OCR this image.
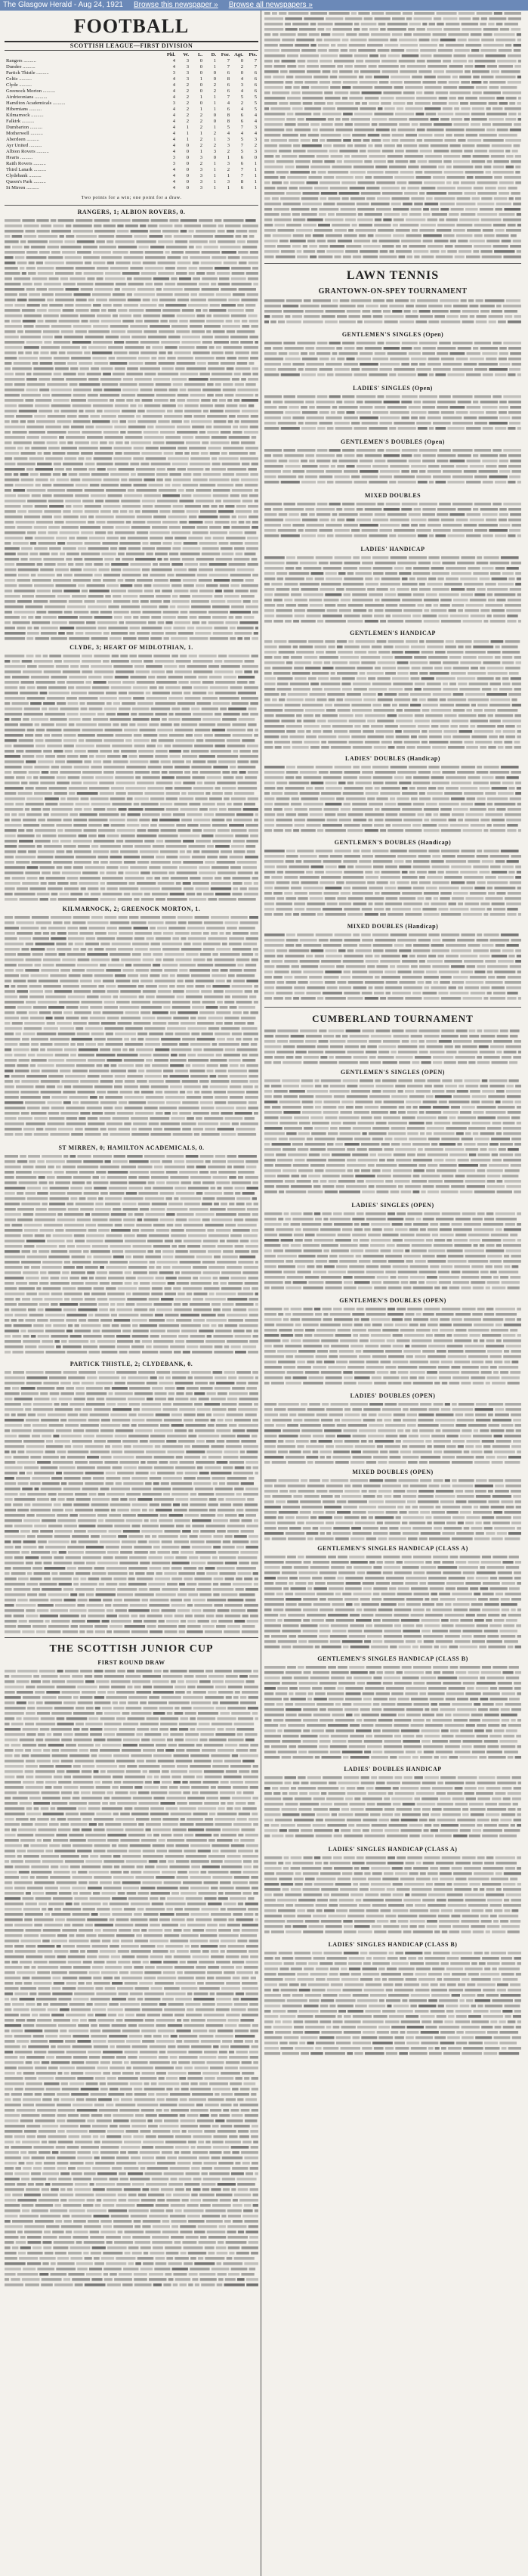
The Glasgow Herald - Aug 24, 1921 Browse this newspaper » Browse all newspapers »
FOOTBALL
SCOTTISH LEAGUE—FIRST DIVISION
	Pld.	W.	L.	D.	For.	Agt.	Pts.
Rangers ..........	4	3	0	1	7	0	7
Dundee ..........	4	3	0	1	7	2	7
Partick Thistle ..........	3	3	0	0	6	0	6
Celtic ..........	4	3	1	0	8	4	6
Clyde ..........	4	2	0	2	6	3	6
Greenock Morton ..........	4	2	0	2	6	4	6
Airdrieonians ..........	4	2	1	1	7	5	5
Hamilton Academicals ..........	3	2	0	1	4	2	5
Hibernians ..........	4	2	1	1	6	4	5
Kilmarnock ..........	4	2	2	0	8	6	4
Falkirk ..........	4	2	2	0	8	6	4
Dumbarton ..........	4	1	2	1	5	7	3
Motherwell ..........	4	1	1	2	4	4	4
Aberdeen ..........	4	1	2	1	3	5	3
Ayr United ..........	4	0	2	2	3	7	2
Albion Rovers ..........	4	0	1	3	2	5	3
Hearts ..........	3	0	3	0	1	6	0
Raith Rovers ..........	3	0	2	1	3	6	1
Third Lanark ..........	4	0	3	1	2	7	1
Clydebank ..........	4	0	3	1	1	7	1
Queen's Park ..........	4	0	3	1	3	8	1
St Mirren ..........	4	0	3	1	1	6	1
Two points for a win; one point for a draw.
RANGERS, 1; ALBION ROVERS, 0.
CLYDE, 3; HEART OF MIDLOTHIAN, 1.
KILMARNOCK, 2; GREENOCK MORTON, 1.
ST MIRREN, 0; HAMILTON ACADEMICALS, 0.
PARTICK THISTLE, 2; CLYDEBANK, 0.
THE SCOTTISH JUNIOR CUP
FIRST ROUND DRAW
LAWN TENNIS
GRANTOWN-ON-SPEY TOURNAMENT
GENTLEMEN'S SINGLES (Open)
LADIES' SINGLES (Open)
GENTLEMEN'S DOUBLES (Open)
MIXED DOUBLES
LADIES' HANDICAP
GENTLEMEN'S HANDICAP
LADIES' DOUBLES (Handicap)
GENTLEMEN'S DOUBLES (Handicap)
MIXED DOUBLES (Handicap)
CUMBERLAND TOURNAMENT
GENTLEMEN'S SINGLES (OPEN)
LADIES' SINGLES (OPEN)
GENTLEMEN'S DOUBLES (OPEN)
LADIES' DOUBLES (OPEN)
MIXED DOUBLES (OPEN)
GENTLEMEN'S SINGLES HANDICAP (CLASS A)
GENTLEMEN'S SINGLES HANDICAP (CLASS B)
LADIES' DOUBLES HANDICAP
LADIES' SINGLES HANDICAP (CLASS A)
LADIES' SINGLES HANDICAP (CLASS B)
